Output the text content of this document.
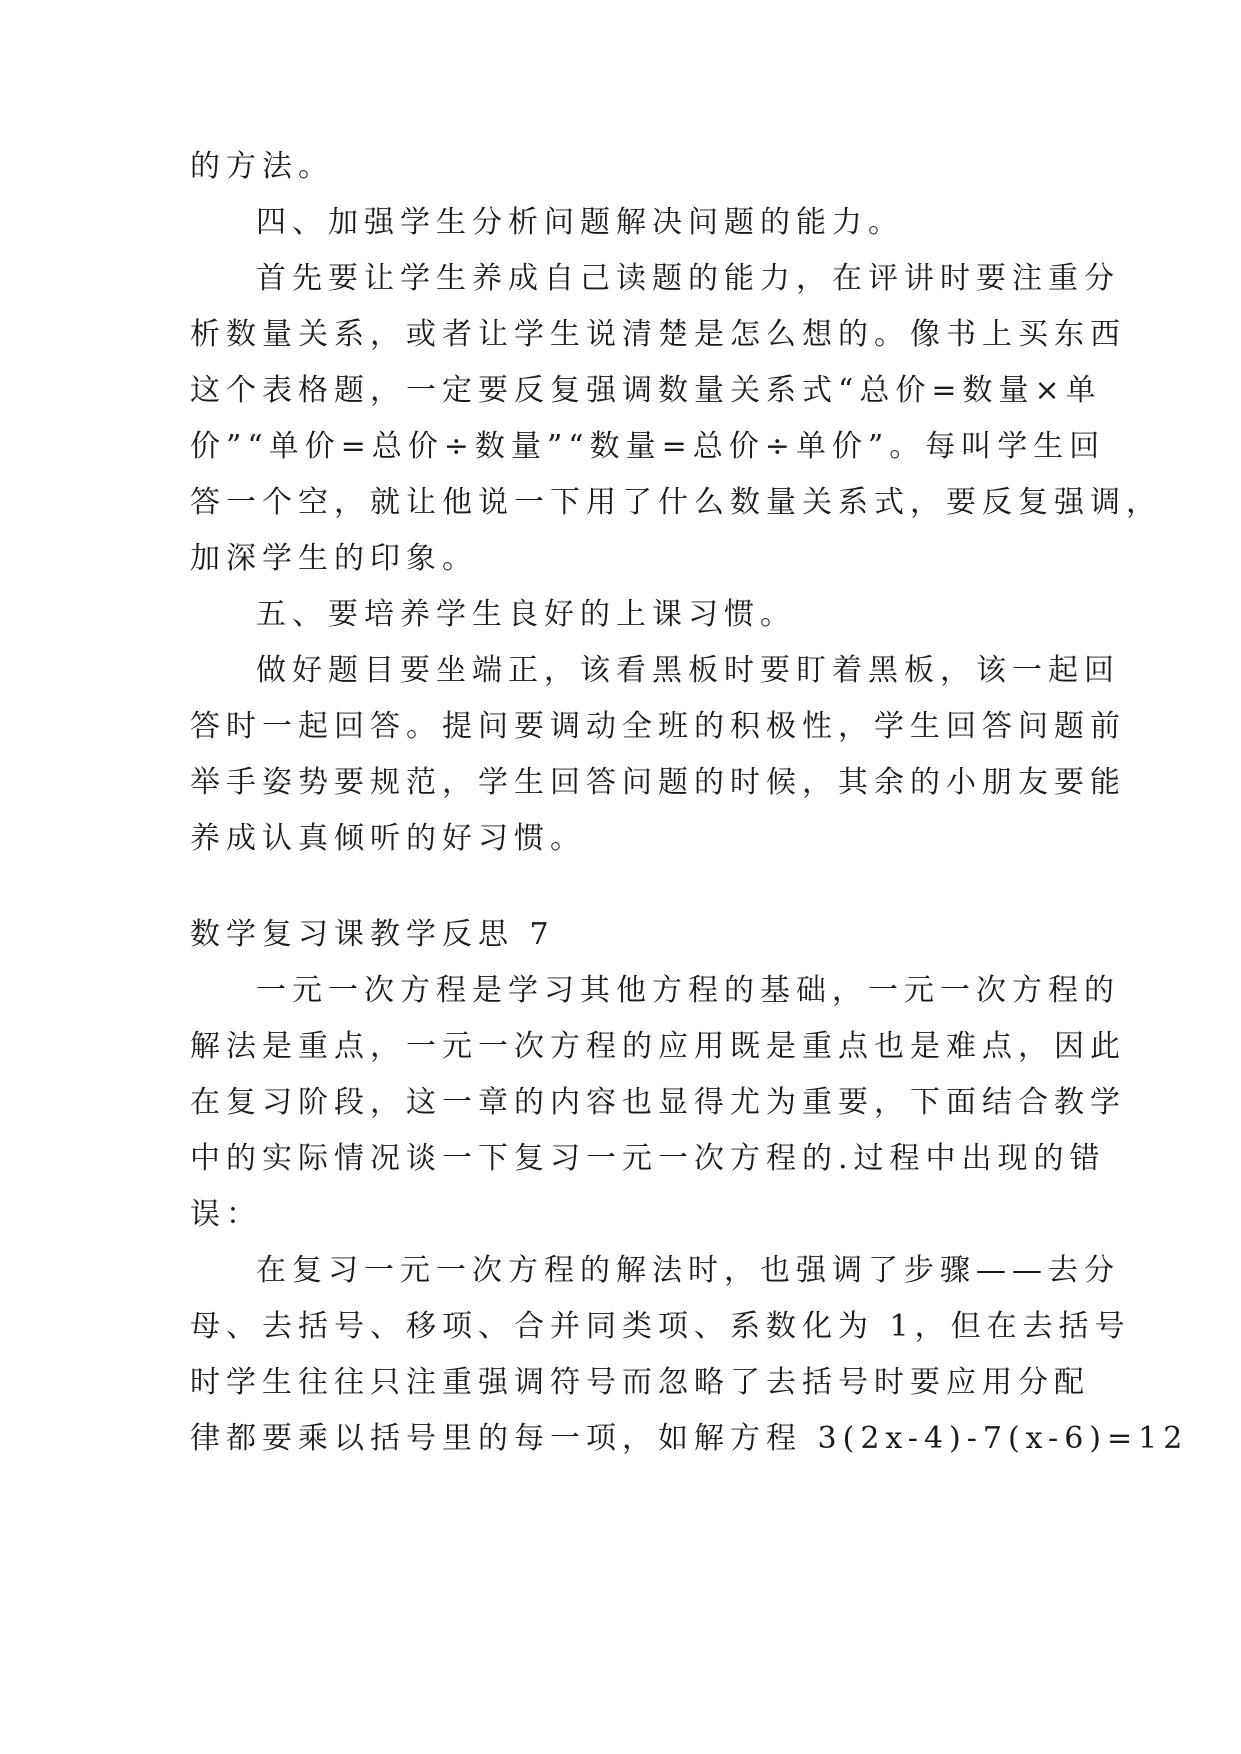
的方法。
四、加强学生分析问题解决问题的能力。
首先要让学生养成自己读题的能力，在评讲时要注重分
析数量关系，或者让学生说清楚是怎么想的。像书上买东西
这个表格题，一定要反复强调数量关系式“总价=数量×单
价”“单价=总价÷数量”“数量=总价÷单价”。每叫学生回
答一个空，就让他说一下用了什么数量关系式，要反复强调，
加深学生的印象。
五、要培养学生良好的上课习惯。
做好题目要坐端正，该看黑板时要盯着黑板，该一起回
答时一起回答。提问要调动全班的积极性，学生回答问题前
举手姿势要规范，学生回答问题的时候，其余的小朋友要能
养成认真倾听的好习惯。
数学复习课教学反思 7
一元一次方程是学习其他方程的基础，一元一次方程的
解法是重点，一元一次方程的应用既是重点也是难点，因此
在复习阶段，这一章的内容也显得尤为重要，下面结合教学
中的实际情况谈一下复习一元一次方程的.过程中出现的错
误：
在复习一元一次方程的解法时，也强调了步骤——去分
母、去括号、移项、合并同类项、系数化为 1，但在去括号
时学生往往只注重强调符号而忽略了去括号时要应用分配
律都要乘以括号里的每一项，如解方程 3(2x-4)-7(x-6)=12
